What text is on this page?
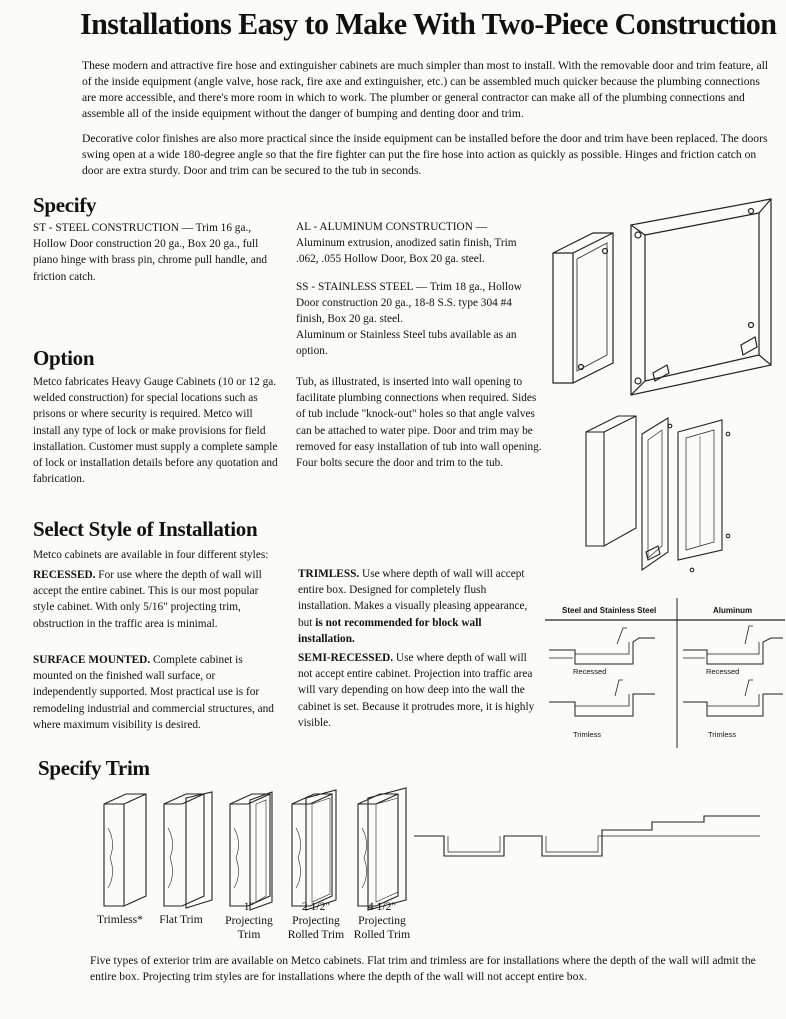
Installations Easy to Make With Two-Piece Construction

These modern and attractive fire hose and extinguisher cabinets are much simpler than most to install. With the removable door and trim feature, all of the inside equipment (angle valve, hose rack, fire axe and extinguisher, etc.) can be assembled much quicker because the plumbing connections are more accessible, and there's more room in which to work. The plumber or general contractor can make all of the plumbing connections and assemble all of the inside equipment without the danger of bumping and denting door and trim.

Decorative color finishes are also more practical since the inside equipment can be installed before the door and trim have been replaced. The doors swing open at a wide 180-degree angle so that the fire fighter can put the fire hose into action as quickly as possible. Hinges and friction catch on door are extra sturdy. Door and trim can be secured to the tub in seconds.

Specify

ST - STEEL CONSTRUCTION — Trim 16 ga., Hollow Door construction 20 ga., Box 20 ga., full piano hinge with brass pin, chrome pull handle, and friction catch.

AL - ALUMINUM CONSTRUCTION — Aluminum extrusion, anodized satin finish, Trim .062, .055 Hollow Door, Box 20 ga. steel.

SS - STAINLESS STEEL — Trim 18 ga., Hollow Door construction 20 ga., 18-8 S.S. type 304 #4 finish, Box 20 ga. steel.

Aluminum or Stainless Steel tubs available as an option.

Option

Metco fabricates Heavy Gauge Cabinets (10 or 12 ga. welded construction) for special locations such as prisons or where security is required. Metco will install any type of lock or make provisions for field installation. Customer must supply a complete sample of lock or installation details before any quotation and fabrication.

Tub, as illustrated, is inserted into wall opening to facilitate plumbing connections when required. Sides of tub include "knock-out" holes so that angle valves can be attached to water pipe. Door and trim may be removed for easy installation of tub into wall opening. Four bolts secure the door and trim to the tub.

Select Style of Installation

Metco cabinets are available in four different styles:

RECESSED. For use where the depth of wall will accept the entire cabinet. This is our most popular style cabinet. With only 5/16" projecting trim, obstruction in the traffic area is minimal.

SURFACE MOUNTED. Complete cabinet is mounted on the finished wall surface, or independently supported. Most practical use is for remodeling industrial and commercial structures, and where maximum visibility is desired.

TRIMLESS. Use where depth of wall will accept entire box. Designed for completely flush installation. Makes a visually pleasing appearance, but is not recommended for block wall installation.

SEMI-RECESSED. Use where depth of wall will not accept entire cabinet. Projection into traffic area will vary depending on how deep into the wall the cabinet is set. Because it protrudes more, it is highly visible.

Steel and Stainless Steel	Aluminum
Recessed	Recessed
Trimless	Trimless
Specify Trim
Trimless*	Flat Trim
1"
Projecting
Trim
2 1/2"
Projecting
Rolled Trim
4 1/2"
Projecting
Rolled Trim

Five types of exterior trim are available on Metco cabinets. Flat trim and trimless are for installations where the depth of the wall will admit the entire box. Projecting trim styles are for installations where the depth of the wall will not accept entire box.
